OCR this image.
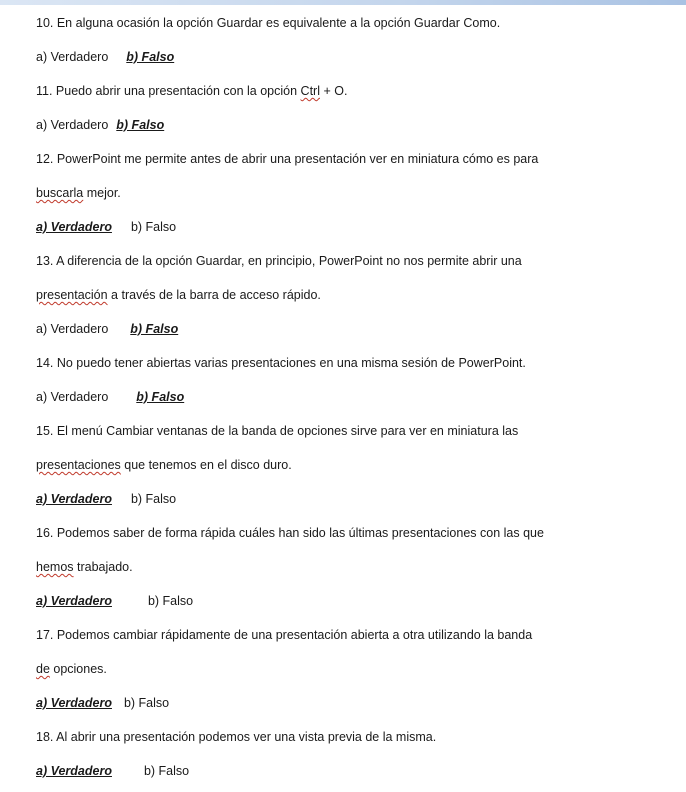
10. En alguna ocasión la opción Guardar es equivalente a la opción Guardar Como.
a) Verdadero b) Falso
11. Puedo abrir una presentación con la opción Ctrl + O.
a) Verdadero b) Falso
12. PowerPoint me permite antes de abrir una presentación ver en miniatura cómo es para
buscarla mejor.
a) Verdadero b) Falso
13. A diferencia de la opción Guardar, en principio, PowerPoint no nos permite abrir una
presentación a través de la barra de acceso rápido.
a) Verdadero b) Falso
14. No puedo tener abiertas varias presentaciones en una misma sesión de PowerPoint.
a) Verdadero b) Falso
15. El menú Cambiar ventanas de la banda de opciones sirve para ver en miniatura las
presentaciones que tenemos en el disco duro.
a) Verdadero b) Falso
16. Podemos saber de forma rápida cuáles han sido las últimas presentaciones con las que
hemos trabajado.
a) Verdadero	b) Falso
17. Podemos cambiar rápidamente de una presentación abierta a otra utilizando la banda
de opciones.
a) Verdadero b) Falso
18. Al abrir una presentación podemos ver una vista previa de la misma.
a) Verdadero	b) Falso
